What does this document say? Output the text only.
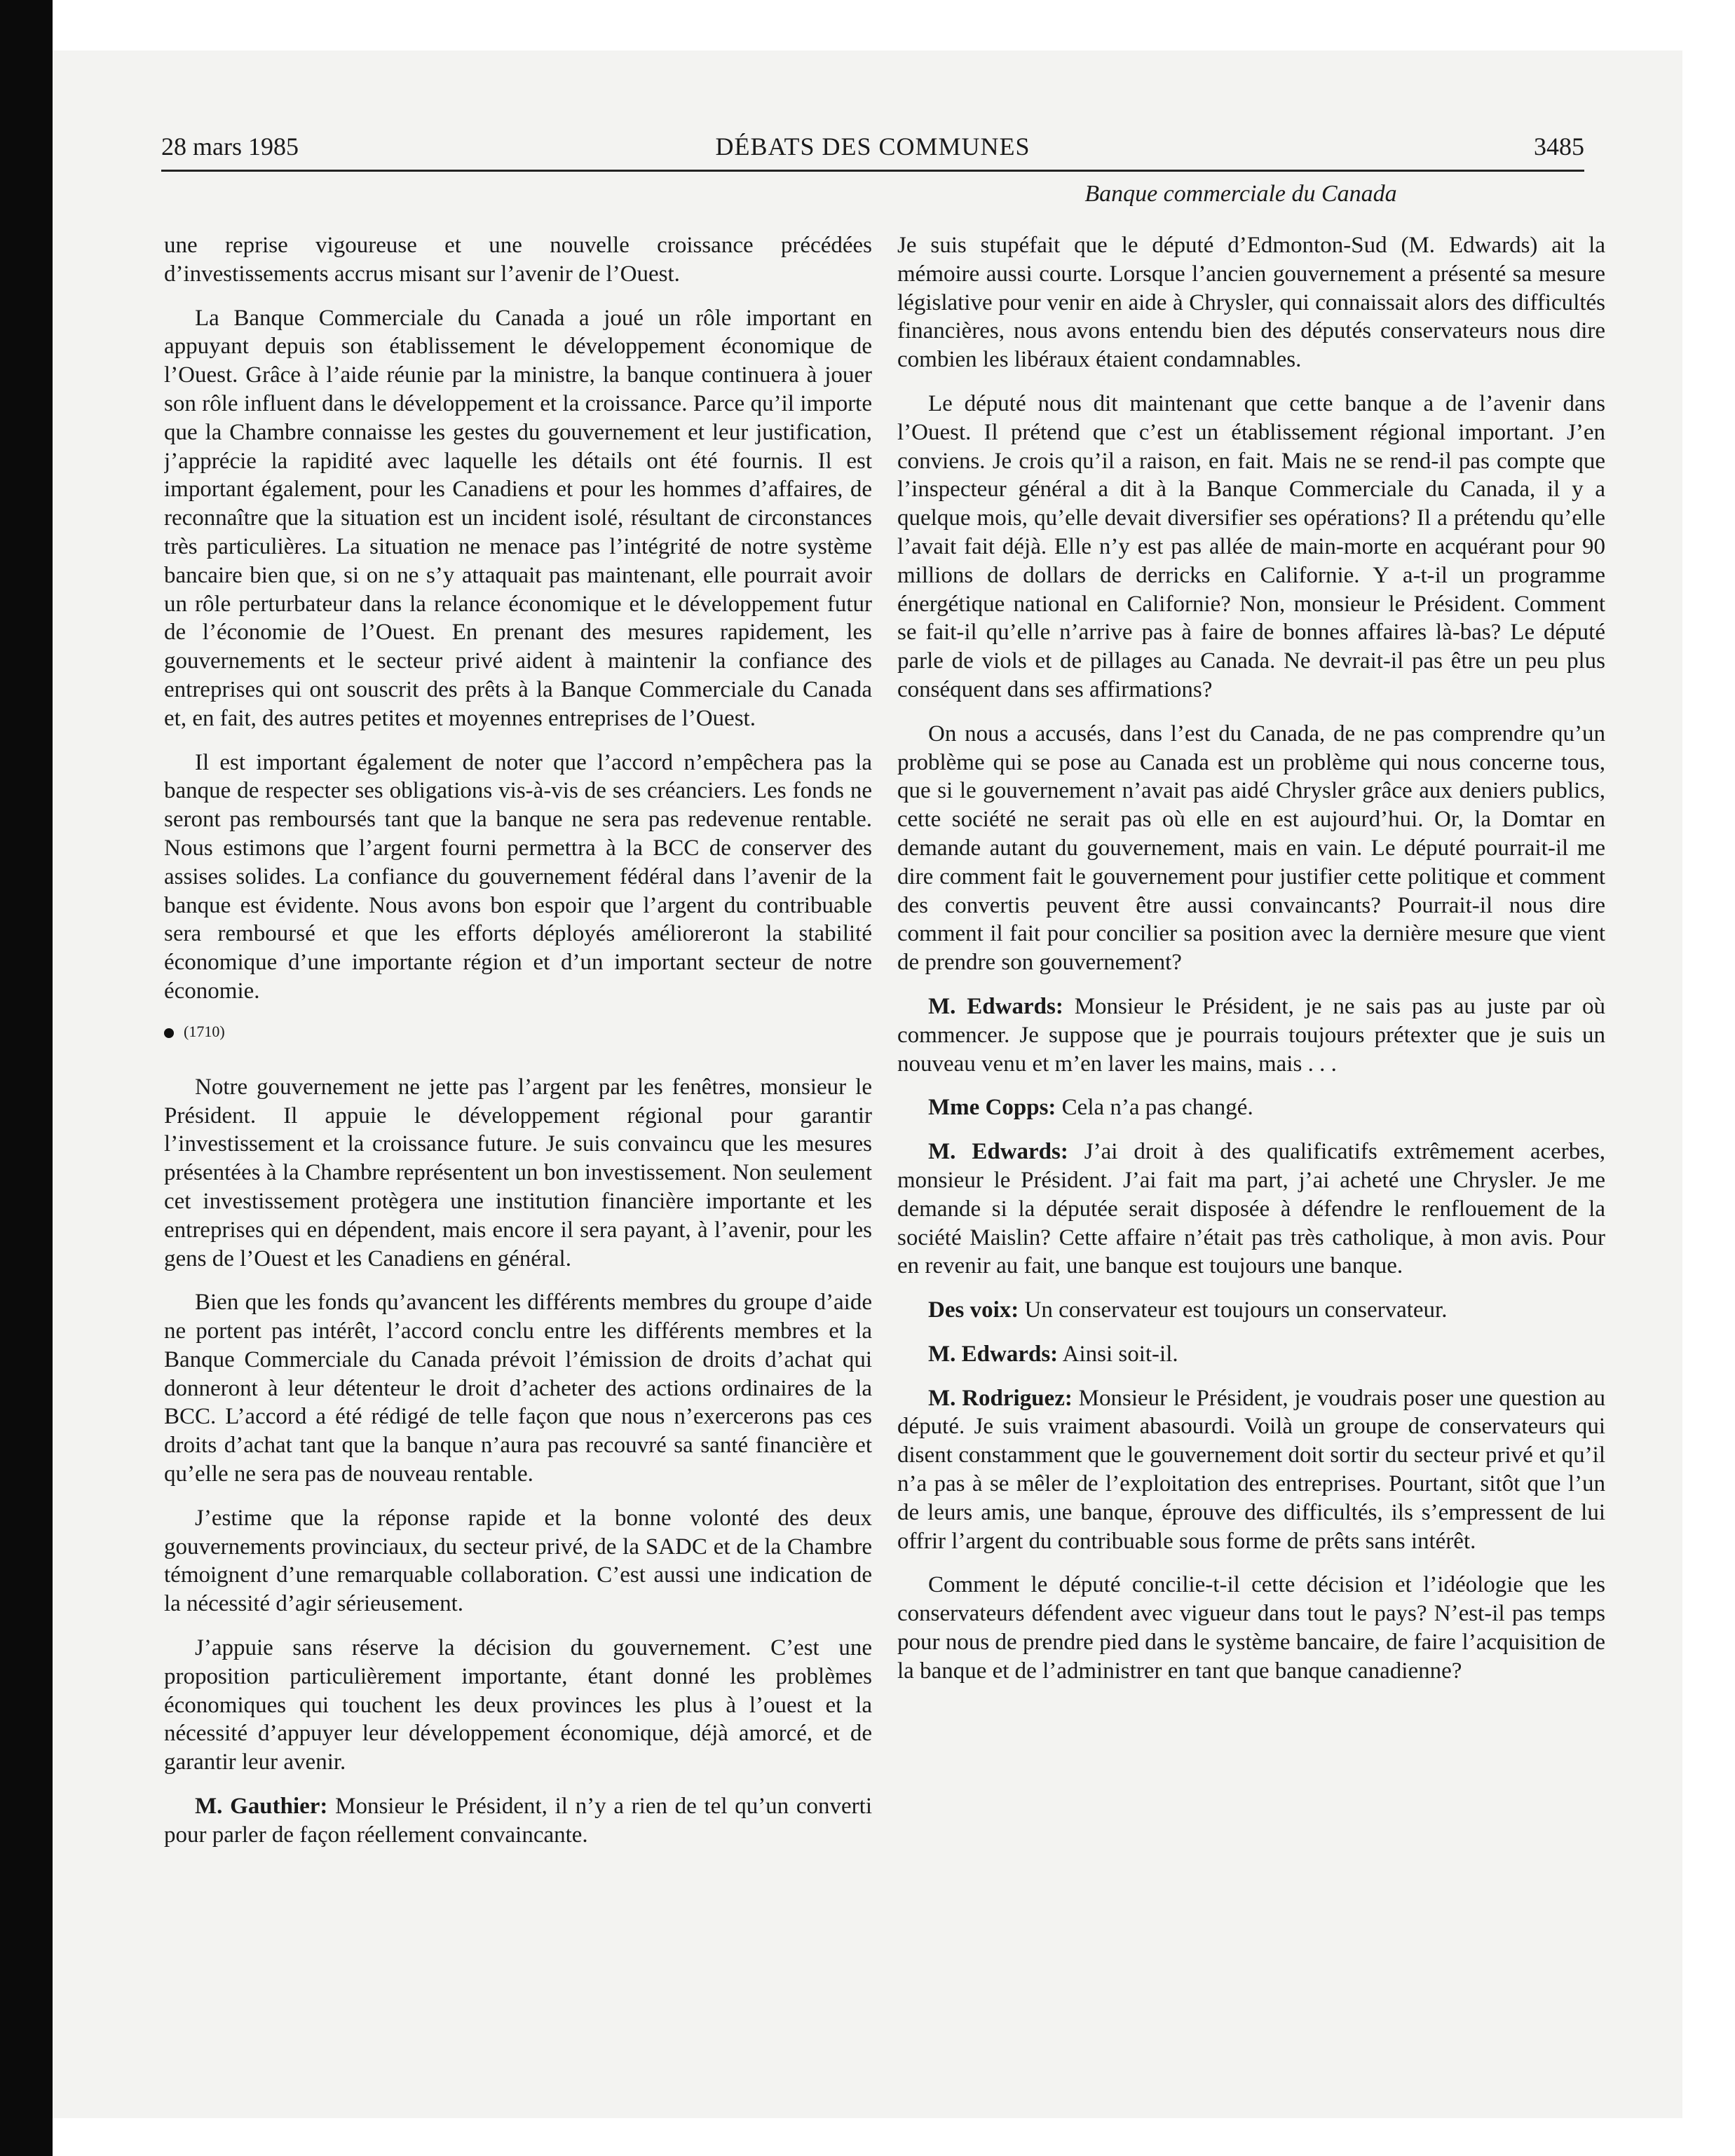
28 mars 1985	DÉBATS DES COMMUNES	3485
Banque commerciale du Canada

une reprise vigoureuse et une nouvelle croissance précédées d’investissements accrus misant sur l’avenir de l’Ouest.

La Banque Commerciale du Canada a joué un rôle important en appuyant depuis son établissement le développement économique de l’Ouest. Grâce à l’aide réunie par la ministre, la banque continuera à jouer son rôle influent dans le développement et la croissance. Parce qu’il importe que la Chambre connaisse les gestes du gouvernement et leur justification, j’apprécie la rapidité avec laquelle les détails ont été fournis. Il est important également, pour les Canadiens et pour les hommes d’affaires, de reconnaître que la situation est un incident isolé, résultant de circonstances très particulières. La situation ne menace pas l’intégrité de notre système bancaire bien que, si on ne s’y attaquait pas maintenant, elle pourrait avoir un rôle perturbateur dans la relance économique et le développement futur de l’économie de l’Ouest. En prenant des mesures rapidement, les gouvernements et le secteur privé aident à maintenir la confiance des entreprises qui ont souscrit des prêts à la Banque Commerciale du Canada et, en fait, des autres petites et moyennes entreprises de l’Ouest.

Il est important également de noter que l’accord n’empêchera pas la banque de respecter ses obligations vis-à-vis de ses créanciers. Les fonds ne seront pas remboursés tant que la banque ne sera pas redevenue rentable. Nous estimons que l’argent fourni permettra à la BCC de conserver des assises solides. La confiance du gouvernement fédéral dans l’avenir de la banque est évidente. Nous avons bon espoir que l’argent du contribuable sera remboursé et que les efforts déployés amélioreront la stabilité économique d’une importante région et d’un important secteur de notre économie.

(1710)

Notre gouvernement ne jette pas l’argent par les fenêtres, monsieur le Président. Il appuie le développement régional pour garantir l’investissement et la croissance future. Je suis convaincu que les mesures présentées à la Chambre représentent un bon investissement. Non seulement cet investissement protègera une institution financière importante et les entreprises qui en dépendent, mais encore il sera payant, à l’avenir, pour les gens de l’Ouest et les Canadiens en général.

Bien que les fonds qu’avancent les différents membres du groupe d’aide ne portent pas intérêt, l’accord conclu entre les différents membres et la Banque Commerciale du Canada prévoit l’émission de droits d’achat qui donneront à leur détenteur le droit d’acheter des actions ordinaires de la BCC. L’accord a été rédigé de telle façon que nous n’exercerons pas ces droits d’achat tant que la banque n’aura pas recouvré sa santé financière et qu’elle ne sera pas de nouveau rentable.

J’estime que la réponse rapide et la bonne volonté des deux gouvernements provinciaux, du secteur privé, de la SADC et de la Chambre témoignent d’une remarquable collaboration. C’est aussi une indication de la nécessité d’agir sérieusement.

J’appuie sans réserve la décision du gouvernement. C’est une proposition particulièrement importante, étant donné les problèmes économiques qui touchent les deux provinces les plus à l’ouest et la nécessité d’appuyer leur développement économique, déjà amorcé, et de garantir leur avenir.

M. Gauthier: Monsieur le Président, il n’y a rien de tel qu’un converti pour parler de façon réellement convaincante.

Je suis stupéfait que le député d’Edmonton-Sud (M. Edwards) ait la mémoire aussi courte. Lorsque l’ancien gouvernement a présenté sa mesure législative pour venir en aide à Chrysler, qui connaissait alors des difficultés financières, nous avons entendu bien des députés conservateurs nous dire combien les libéraux étaient condamnables.

Le député nous dit maintenant que cette banque a de l’avenir dans l’Ouest. Il prétend que c’est un établissement régional important. J’en conviens. Je crois qu’il a raison, en fait. Mais ne se rend-il pas compte que l’inspecteur général a dit à la Banque Commerciale du Canada, il y a quelque mois, qu’elle devait diversifier ses opérations? Il a prétendu qu’elle l’avait fait déjà. Elle n’y est pas allée de main-morte en acquérant pour 90 millions de dollars de derricks en Californie. Y a-t-il un programme énergétique national en Californie? Non, monsieur le Président. Comment se fait-il qu’elle n’arrive pas à faire de bonnes affaires là-bas? Le député parle de viols et de pillages au Canada. Ne devrait-il pas être un peu plus conséquent dans ses affirmations?

On nous a accusés, dans l’est du Canada, de ne pas comprendre qu’un problème qui se pose au Canada est un problème qui nous concerne tous, que si le gouvernement n’avait pas aidé Chrysler grâce aux deniers publics, cette société ne serait pas où elle en est aujourd’hui. Or, la Domtar en demande autant du gouvernement, mais en vain. Le député pourrait-il me dire comment fait le gouvernement pour justifier cette politique et comment des convertis peuvent être aussi convaincants? Pourrait-il nous dire comment il fait pour concilier sa position avec la dernière mesure que vient de prendre son gouvernement?

M. Edwards: Monsieur le Président, je ne sais pas au juste par où commencer. Je suppose que je pourrais toujours prétexter que je suis un nouveau venu et m’en laver les mains, mais . . .

Mme Copps: Cela n’a pas changé.

M. Edwards: J’ai droit à des qualificatifs extrêmement acerbes, monsieur le Président. J’ai fait ma part, j’ai acheté une Chrysler. Je me demande si la députée serait disposée à défendre le renflouement de la société Maislin? Cette affaire n’était pas très catholique, à mon avis. Pour en revenir au fait, une banque est toujours une banque.

Des voix: Un conservateur est toujours un conservateur.

M. Edwards: Ainsi soit-il.

M. Rodriguez: Monsieur le Président, je voudrais poser une question au député. Je suis vraiment abasourdi. Voilà un groupe de conservateurs qui disent constamment que le gouvernement doit sortir du secteur privé et qu’il n’a pas à se mêler de l’exploitation des entreprises. Pourtant, sitôt que l’un de leurs amis, une banque, éprouve des difficultés, ils s’empressent de lui offrir l’argent du contribuable sous forme de prêts sans intérêt.

Comment le député concilie-t-il cette décision et l’idéologie que les conservateurs défendent avec vigueur dans tout le pays? N’est-il pas temps pour nous de prendre pied dans le système bancaire, de faire l’acquisition de la banque et de l’administrer en tant que banque canadienne?
